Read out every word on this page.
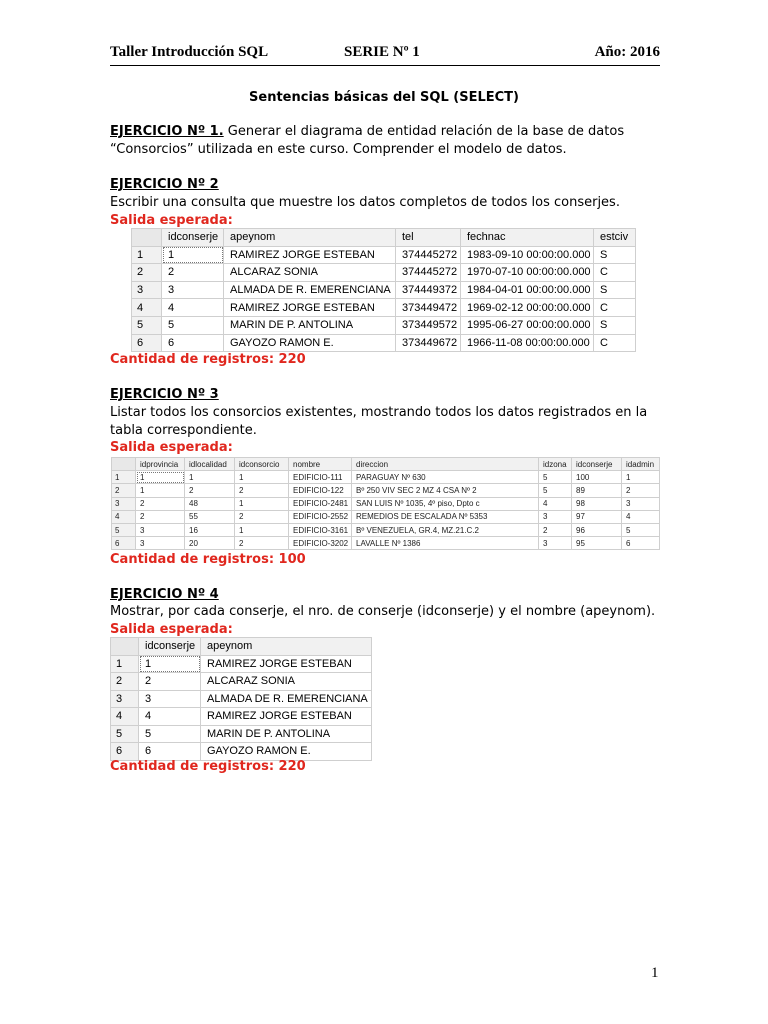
Taller Introducción SQL	SERIE Nº 1	Año: 2016
Sentencias básicas del SQL (SELECT)
EJERCICIO Nº 1. Generar el diagrama de entidad relación de la base de datos
“Consorcios” utilizada en este curso. Comprender el modelo de datos.
EJERCICIO Nº 2
Escribir una consulta que muestre los datos completos de todos los conserjes.
Salida esperada:
	idconserje	apeynom	tel	fechnac	estciv
1	1	RAMIREZ JORGE ESTEBAN	374445272	1983-09-10 00:00:00.000	S
2	2	ALCARAZ SONIA	374445272	1970-07-10 00:00:00.000	C
3	3	ALMADA DE R. EMERENCIANA	374449372	1984-04-01 00:00:00.000	S
4	4	RAMIREZ JORGE ESTEBAN	373449472	1969-02-12 00:00:00.000	C
5	5	MARIN DE P. ANTOLINA	373449572	1995-06-27 00:00:00.000	S
6	6	GAYOZO RAMON E.	373449672	1966-11-08 00:00:00.000	C
Cantidad de registros: 220
EJERCICIO Nº 3
Listar todos los consorcios existentes, mostrando todos los datos registrados en la
tabla correspondiente.
Salida esperada:
	idprovincia	idlocalidad	idconsorcio	nombre	direccion	idzona	idconserje	idadmin
1	1	1	1	EDIFICIO-111	PARAGUAY Nº 630	5	100	1
2	1	2	2	EDIFICIO-122	Bº 250 VIV SEC 2 MZ 4 CSA Nº 2	5	89	2
3	2	48	1	EDIFICIO-2481	SAN LUIS Nº 1035, 4º piso, Dpto c	4	98	3
4	2	55	2	EDIFICIO-2552	REMEDIOS DE ESCALADA Nº 5353	3	97	4
5	3	16	1	EDIFICIO-3161	Bº VENEZUELA, GR.4, MZ.21.C.2	2	96	5
6	3	20	2	EDIFICIO-3202	LAVALLE Nº 1386	3	95	6
Cantidad de registros: 100
EJERCICIO Nº 4
Mostrar, por cada conserje, el nro. de conserje (idconserje) y el nombre (apeynom).
Salida esperada:
	idconserje	apeynom
1	1	RAMIREZ JORGE ESTEBAN
2	2	ALCARAZ SONIA
3	3	ALMADA DE R. EMERENCIANA
4	4	RAMIREZ JORGE ESTEBAN
5	5	MARIN DE P. ANTOLINA
6	6	GAYOZO RAMON E.
Cantidad de registros: 220
1
